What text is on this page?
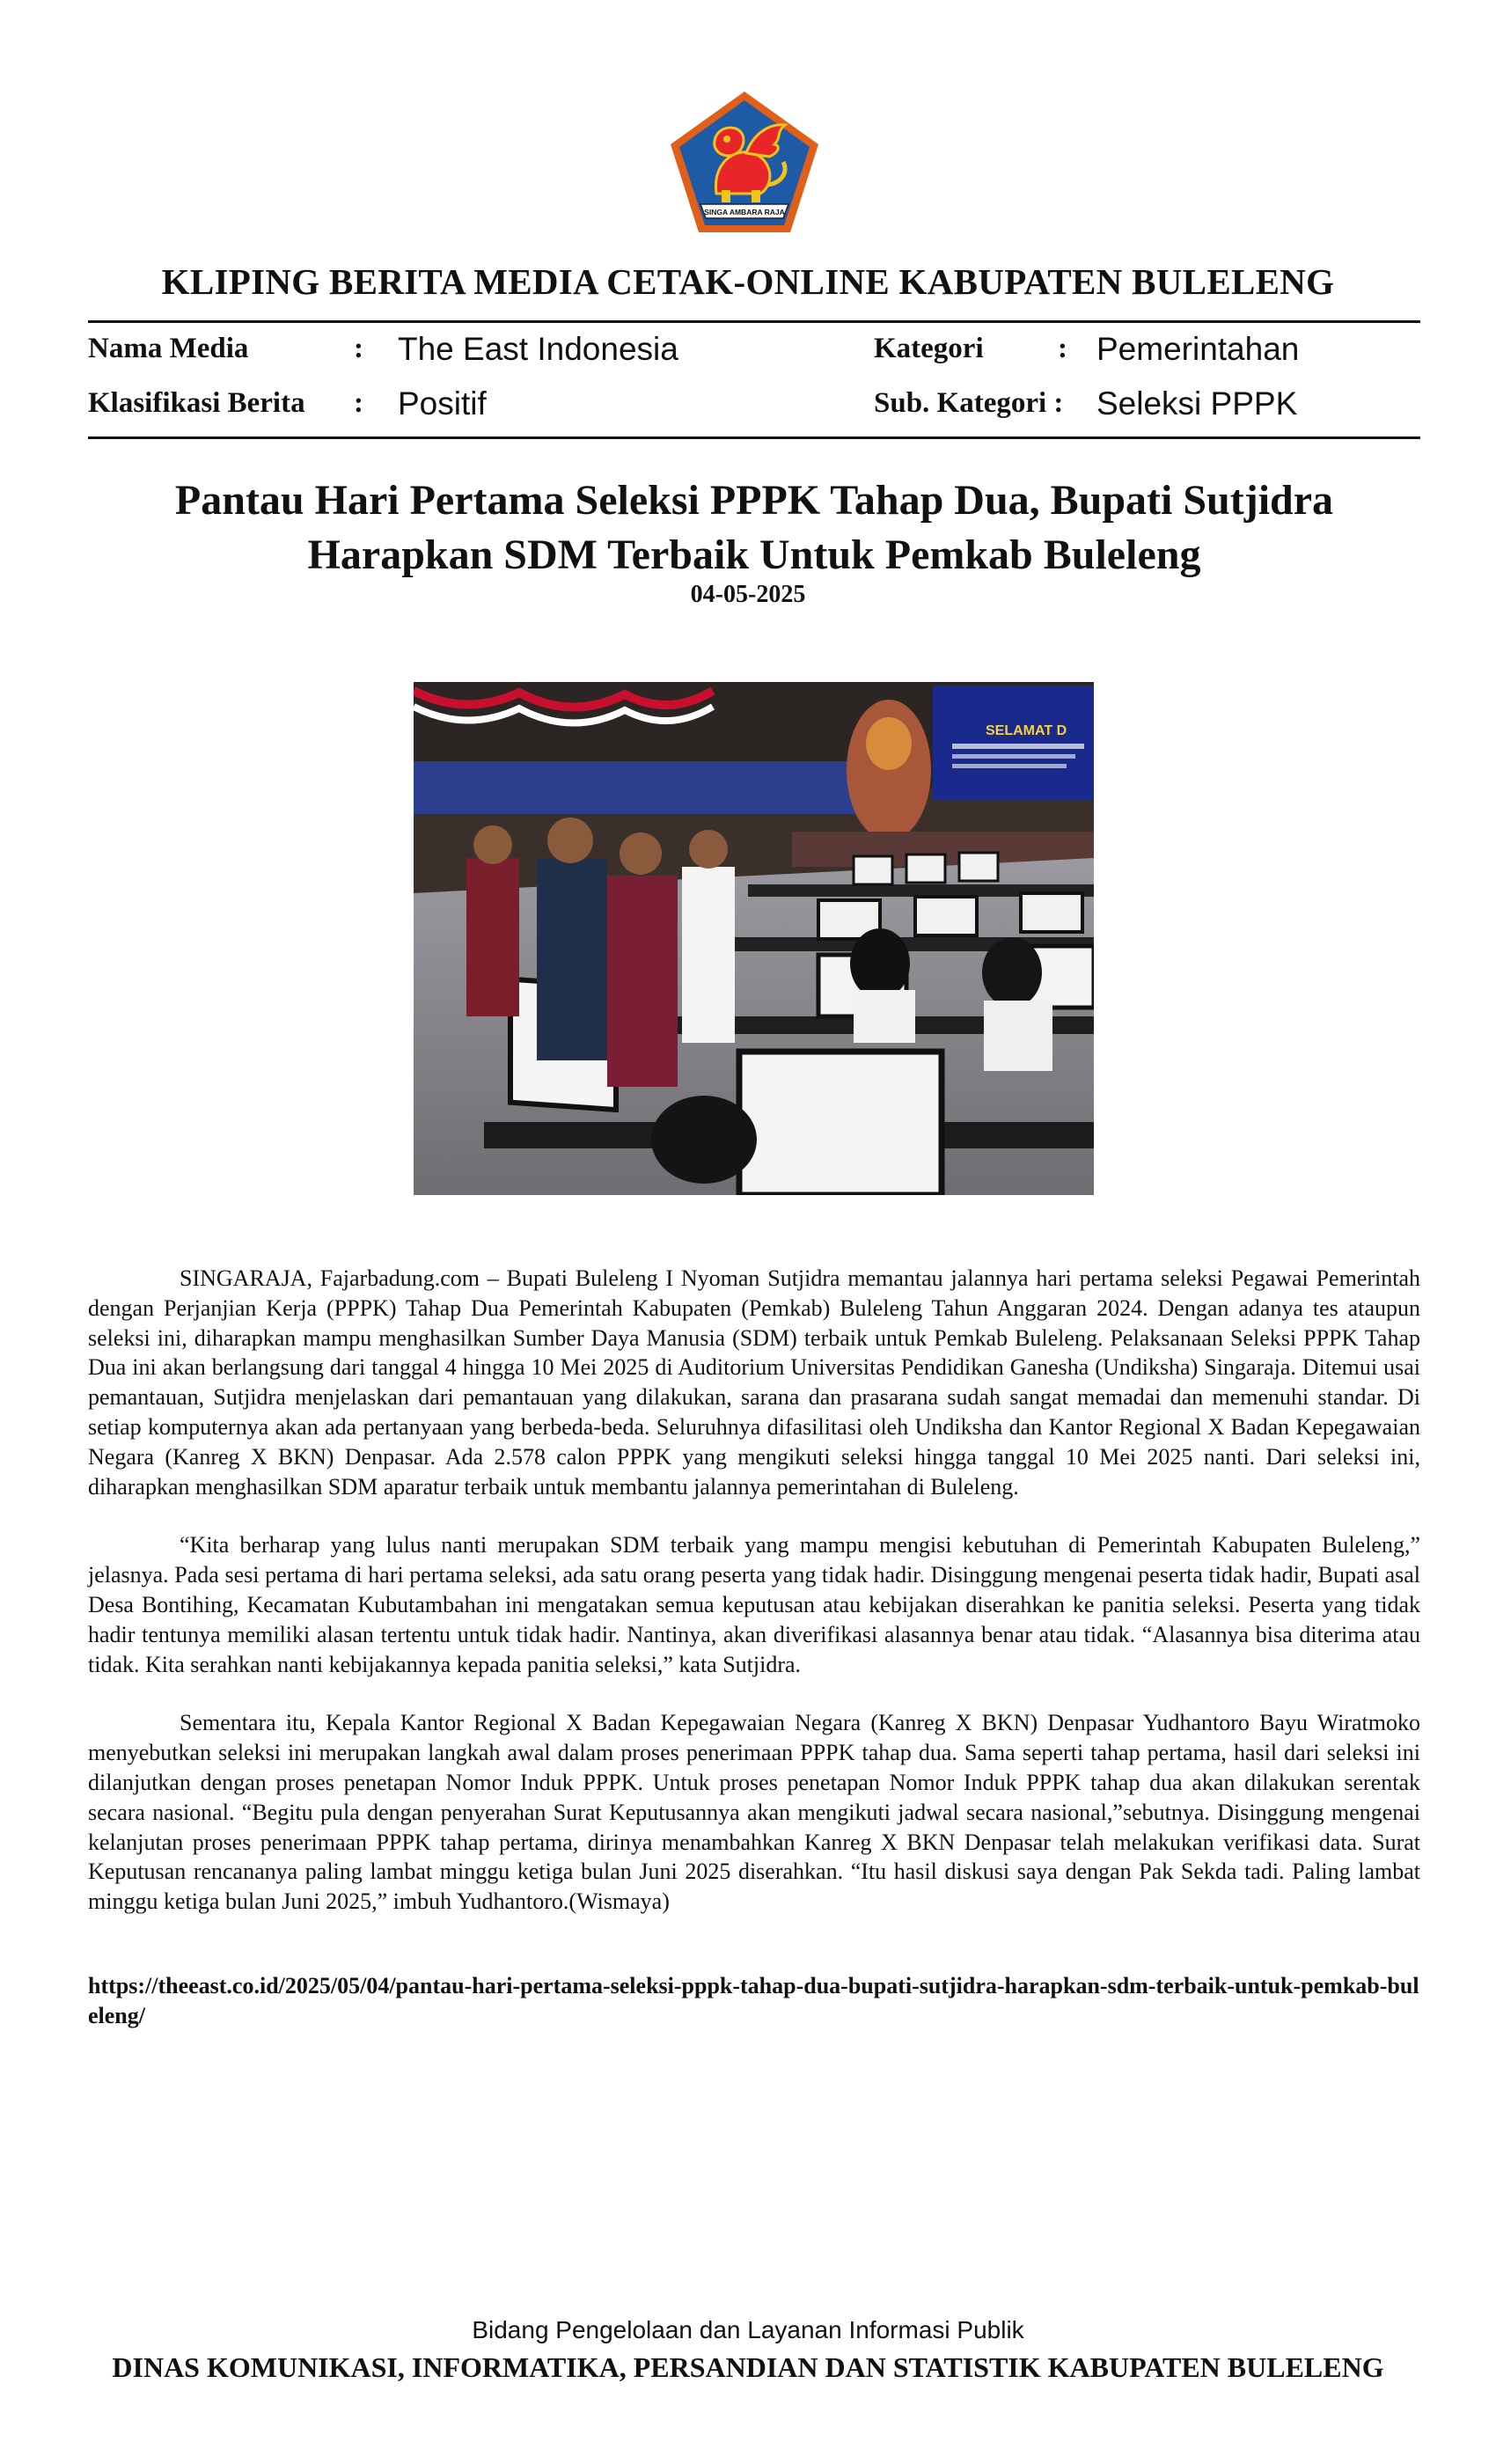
SINGA AMBARA RAJA
KLIPING BERITA MEDIA CETAK-ONLINE KABUPATEN BULELENG
Nama Media	: The East Indonesia
Klasifikasi Berita : Positif
Kategori	: Pemerintahan
Sub. Kategori : Seleksi PPPK
Pantau Hari Pertama Seleksi PPPK Tahap Dua, Bupati Sutjidra Harapkan SDM Terbaik Untuk Pemkab Buleleng
04-05-2025
SELAMAT D

SINGARAJA, Fajarbadung.com – Bupati Buleleng I Nyoman Sutjidra memantau jalannya hari pertama seleksi Pegawai Pemerintah dengan Perjanjian Kerja (PPPK) Tahap Dua Pemerintah Kabupaten (Pemkab) Buleleng Tahun Anggaran 2024. Dengan adanya tes ataupun seleksi ini, diharapkan mampu menghasilkan Sumber Daya Manusia (SDM) terbaik untuk Pemkab Buleleng. Pelaksanaan Seleksi PPPK Tahap Dua ini akan berlangsung dari tanggal 4 hingga 10 Mei 2025 di Auditorium Universitas Pendidikan Ganesha (Undiksha) Singaraja. Ditemui usai pemantauan, Sutjidra menjelaskan dari pemantauan yang dilakukan, sarana dan prasarana sudah sangat memadai dan memenuhi standar. Di setiap komputernya akan ada pertanyaan yang berbeda-beda. Seluruhnya difasilitasi oleh Undiksha dan Kantor Regional X Badan Kepegawaian Negara (Kanreg X BKN) Denpasar. Ada 2.578 calon PPPK yang mengikuti seleksi hingga tanggal 10 Mei 2025 nanti. Dari seleksi ini, diharapkan menghasilkan SDM aparatur terbaik untuk membantu jalannya pemerintahan di Buleleng.

“Kita berharap yang lulus nanti merupakan SDM terbaik yang mampu mengisi kebutuhan di Pemerintah Kabupaten Buleleng,” jelasnya. Pada sesi pertama di hari pertama seleksi, ada satu orang peserta yang tidak hadir. Disinggung mengenai peserta tidak hadir, Bupati asal Desa Bontihing, Kecamatan Kubutambahan ini mengatakan semua keputusan atau kebijakan diserahkan ke panitia seleksi. Peserta yang tidak hadir tentunya memiliki alasan tertentu untuk tidak hadir. Nantinya, akan diverifikasi alasannya benar atau tidak. “Alasannya bisa diterima atau tidak. Kita serahkan nanti kebijakannya kepada panitia seleksi,” kata Sutjidra.

Sementara itu, Kepala Kantor Regional X Badan Kepegawaian Negara (Kanreg X BKN) Denpasar Yudhantoro Bayu Wiratmoko menyebutkan seleksi ini merupakan langkah awal dalam proses penerimaan PPPK tahap dua. Sama seperti tahap pertama, hasil dari seleksi ini dilanjutkan dengan proses penetapan Nomor Induk PPPK. Untuk proses penetapan Nomor Induk PPPK tahap dua akan dilakukan serentak secara nasional. “Begitu pula dengan penyerahan Surat Keputusannya akan mengikuti jadwal secara nasional,”sebutnya. Disinggung mengenai kelanjutan proses penerimaan PPPK tahap pertama, dirinya menambahkan Kanreg X BKN Denpasar telah melakukan verifikasi data. Surat Keputusan rencananya paling lambat minggu ketiga bulan Juni 2025 diserahkan. “Itu hasil diskusi saya dengan Pak Sekda tadi. Paling lambat minggu ketiga bulan Juni 2025,” imbuh Yudhantoro.(Wismaya)

https://theeast.co.id/2025/05/04/pantau-hari-pertama-seleksi-pppk-tahap-dua-bupati-sutjidra-harapkan-sdm-terbaik-untuk-pemkab-buleleng/
Bidang Pengelolaan dan Layanan Informasi Publik
DINAS KOMUNIKASI, INFORMATIKA, PERSANDIAN DAN STATISTIK KABUPATEN BULELENG
